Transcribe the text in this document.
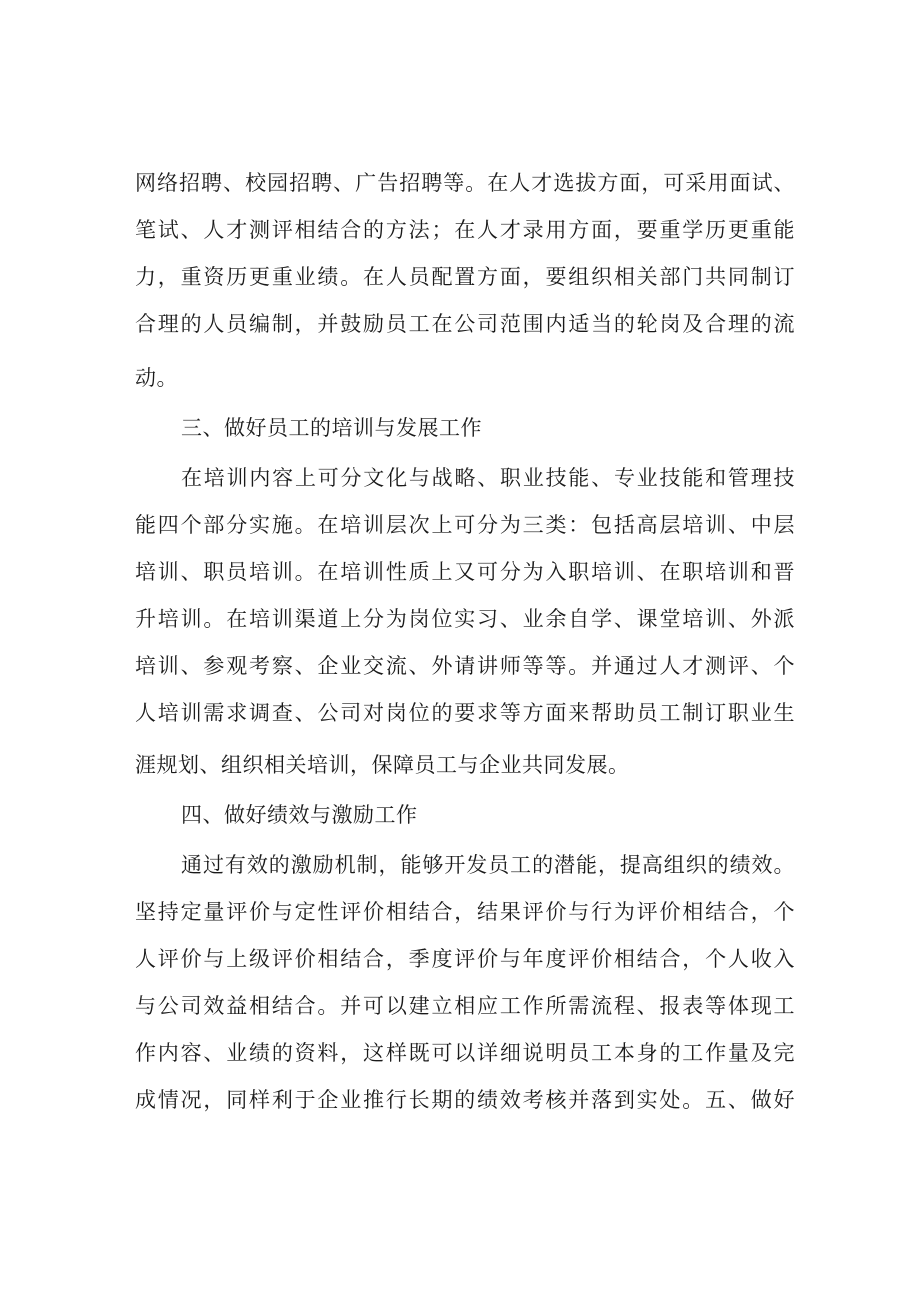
网络招聘、校园招聘、广告招聘等。在人才选拔方面，可采用面试、
笔试、人才测评相结合的方法；在人才录用方面，要重学历更重能
力，重资历更重业绩。在人员配置方面，要组织相关部门共同制订
合理的人员编制，并鼓励员工在公司范围内适当的轮岗及合理的流
动。
三、做好员工的培训与发展工作
在培训内容上可分文化与战略、职业技能、专业技能和管理技
能四个部分实施。在培训层次上可分为三类：包括高层培训、中层
培训、职员培训。在培训性质上又可分为入职培训、在职培训和晋
升培训。在培训渠道上分为岗位实习、业余自学、课堂培训、外派
培训、参观考察、企业交流、外请讲师等等。并通过人才测评、个
人培训需求调查、公司对岗位的要求等方面来帮助员工制订职业生
涯规划、组织相关培训，保障员工与企业共同发展。
四、做好绩效与激励工作
通过有效的激励机制，能够开发员工的潜能，提高组织的绩效。
坚持定量评价与定性评价相结合，结果评价与行为评价相结合，个
人评价与上级评价相结合，季度评价与年度评价相结合，个人收入
与公司效益相结合。并可以建立相应工作所需流程、报表等体现工
作内容、业绩的资料，这样既可以详细说明员工本身的工作量及完
成情况，同样利于企业推行长期的绩效考核并落到实处。五、做好
